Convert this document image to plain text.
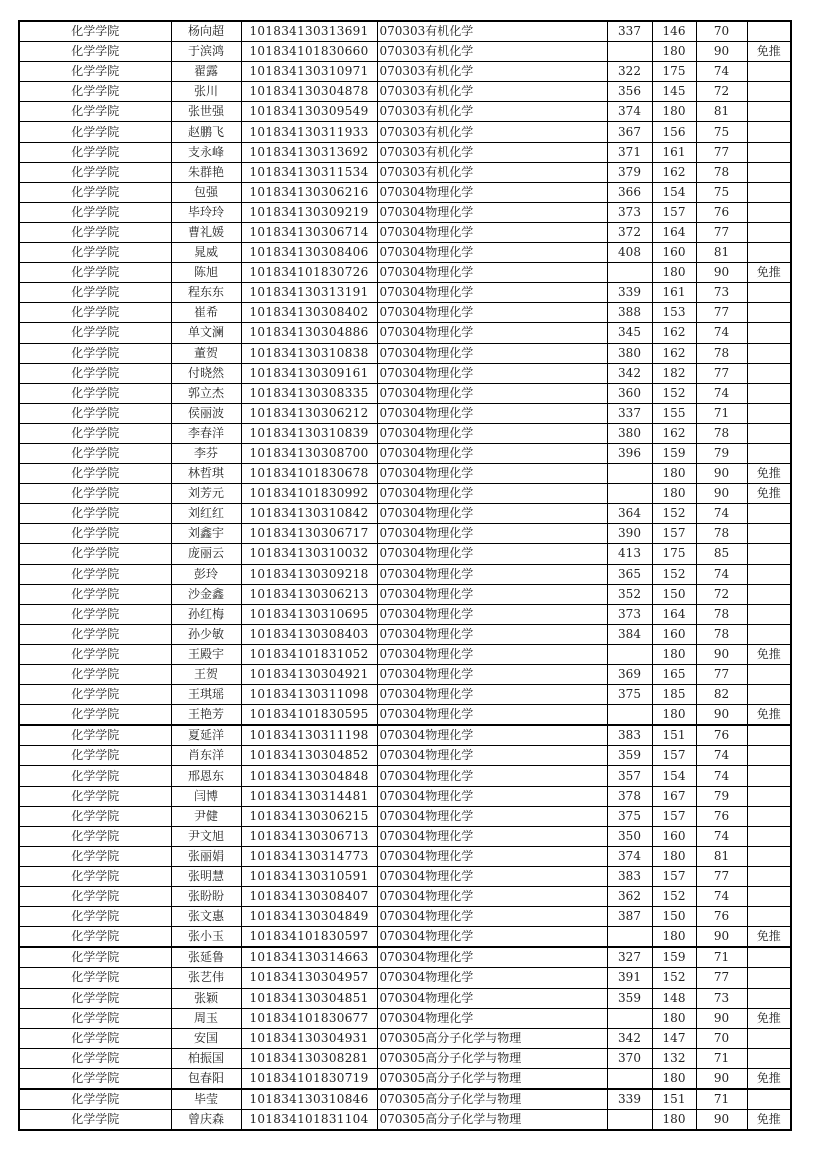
化学学院	杨向超	101834130313691	070303有机化学	337	146	70	
化学学院	于滨鸿	101834101830660	070303有机化学		180	90	免推
化学学院	翟露	101834130310971	070303有机化学	322	175	74	
化学学院	张川	101834130304878	070303有机化学	356	145	72	
化学学院	张世强	101834130309549	070303有机化学	374	180	81	
化学学院	赵鹏飞	101834130311933	070303有机化学	367	156	75	
化学学院	支永峰	101834130313692	070303有机化学	371	161	77	
化学学院	朱群艳	101834130311534	070303有机化学	379	162	78	
化学学院	包强	101834130306216	070304物理化学	366	154	75	
化学学院	毕玲玲	101834130309219	070304物理化学	373	157	76	
化学学院	曹礼媛	101834130306714	070304物理化学	372	164	77	
化学学院	晁威	101834130308406	070304物理化学	408	160	81	
化学学院	陈旭	101834101830726	070304物理化学		180	90	免推
化学学院	程东东	101834130313191	070304物理化学	339	161	73	
化学学院	崔希	101834130308402	070304物理化学	388	153	77	
化学学院	单文澜	101834130304886	070304物理化学	345	162	74	
化学学院	董贺	101834130310838	070304物理化学	380	162	78	
化学学院	付晓然	101834130309161	070304物理化学	342	182	77	
化学学院	郭立杰	101834130308335	070304物理化学	360	152	74	
化学学院	侯丽波	101834130306212	070304物理化学	337	155	71	
化学学院	李春洋	101834130310839	070304物理化学	380	162	78	
化学学院	李芬	101834130308700	070304物理化学	396	159	79	
化学学院	林哲琪	101834101830678	070304物理化学		180	90	免推
化学学院	刘芳元	101834101830992	070304物理化学		180	90	免推
化学学院	刘红红	101834130310842	070304物理化学	364	152	74	
化学学院	刘鑫宇	101834130306717	070304物理化学	390	157	78	
化学学院	庞丽云	101834130310032	070304物理化学	413	175	85	
化学学院	彭玲	101834130309218	070304物理化学	365	152	74	
化学学院	沙金鑫	101834130306213	070304物理化学	352	150	72	
化学学院	孙红梅	101834130310695	070304物理化学	373	164	78	
化学学院	孙少敏	101834130308403	070304物理化学	384	160	78	
化学学院	王殿宇	101834101831052	070304物理化学		180	90	免推
化学学院	王贺	101834130304921	070304物理化学	369	165	77	
化学学院	王琪瑶	101834130311098	070304物理化学	375	185	82	
化学学院	王艳芳	101834101830595	070304物理化学		180	90	免推
化学学院	夏延洋	101834130311198	070304物理化学	383	151	76	
化学学院	肖东洋	101834130304852	070304物理化学	359	157	74	
化学学院	邢恩东	101834130304848	070304物理化学	357	154	74	
化学学院	闫博	101834130314481	070304物理化学	378	167	79	
化学学院	尹健	101834130306215	070304物理化学	375	157	76	
化学学院	尹文旭	101834130306713	070304物理化学	350	160	74	
化学学院	张丽娟	101834130314773	070304物理化学	374	180	81	
化学学院	张明慧	101834130310591	070304物理化学	383	157	77	
化学学院	张盼盼	101834130308407	070304物理化学	362	152	74	
化学学院	张文惠	101834130304849	070304物理化学	387	150	76	
化学学院	张小玉	101834101830597	070304物理化学		180	90	免推
化学学院	张延鲁	101834130314663	070304物理化学	327	159	71	
化学学院	张艺伟	101834130304957	070304物理化学	391	152	77	
化学学院	张颖	101834130304851	070304物理化学	359	148	73	
化学学院	周玉	101834101830677	070304物理化学		180	90	免推
化学学院	安国	101834130304931	070305高分子化学与物理	342	147	70	
化学学院	柏振国	101834130308281	070305高分子化学与物理	370	132	71	
化学学院	包春阳	101834101830719	070305高分子化学与物理		180	90	免推
化学学院	毕莹	101834130310846	070305高分子化学与物理	339	151	71	
化学学院	曾庆森	101834101831104	070305高分子化学与物理		180	90	免推
